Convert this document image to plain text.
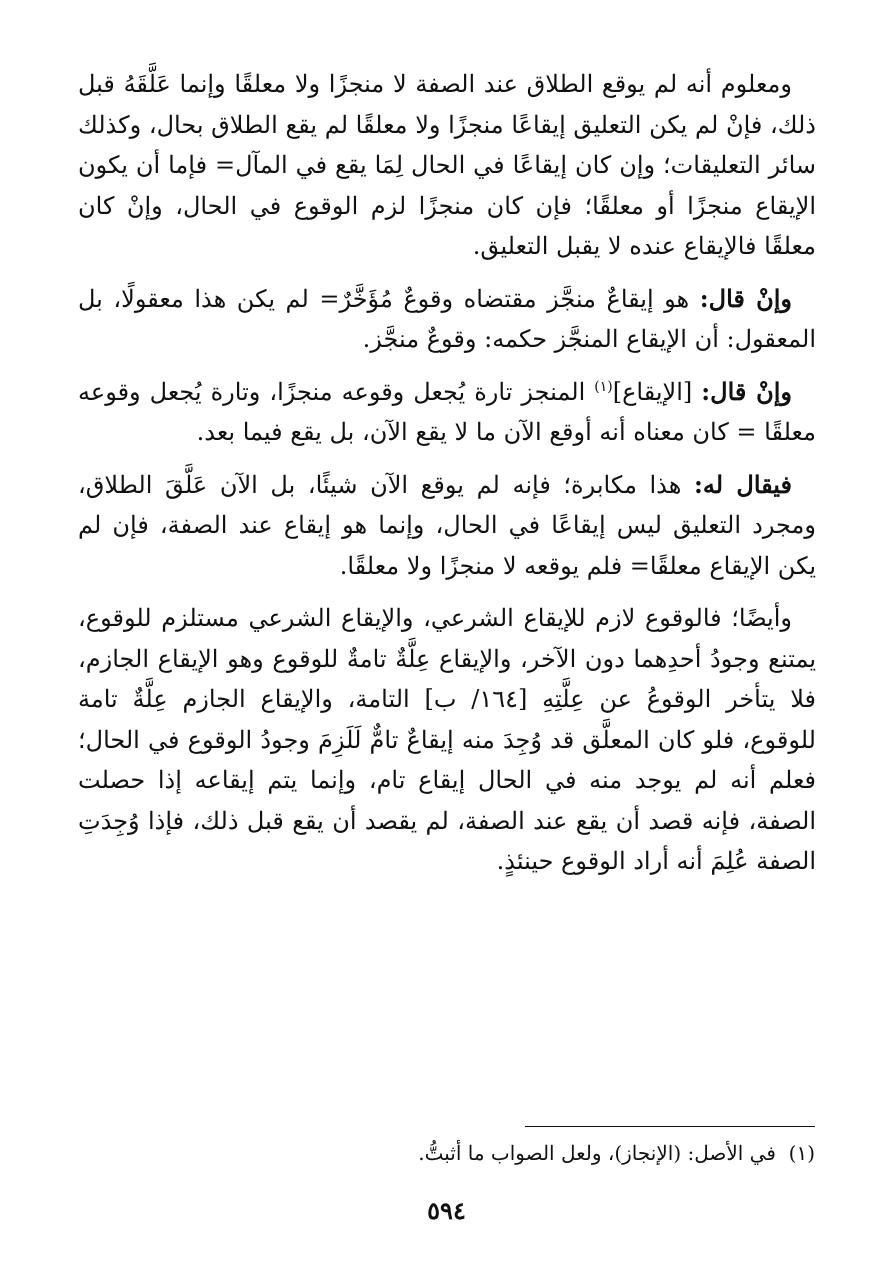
ومعلوم أنه لم يوقع الطلاق عند الصفة لا منجزًا ولا معلقًا وإنما عَلَّقَهُ قبل ذلك، فإنْ لم يكن التعليق إيقاعًا منجزًا ولا معلقًا لم يقع الطلاق بحال، وكذلك سائر التعليقات؛ وإن كان إيقاعًا في الحال لِمَا يقع في المآل= فإما أن يكون الإيقاع منجزًا أو معلقًا؛ فإن كان منجزًا لزم الوقوع في الحال، وإنْ كان معلقًا فالإيقاع عنده لا يقبل التعليق.

وإنْ قال: هو إيقاعٌ منجَّز مقتضاه وقوعٌ مُؤَخَّرٌ= لم يكن هذا معقولًا، بل المعقول: أن الإيقاع المنجَّز حكمه: وقوعٌ منجَّز.

وإنْ قال: [الإيقاع]$^{(١)}$ المنجز تارة يُجعل وقوعه منجزًا، وتارة يُجعل وقوعه معلقًا = كان معناه أنه أوقع الآن ما لا يقع الآن، بل يقع فيما بعد.

فيقال له: هذا مكابرة؛ فإنه لم يوقع الآن شيئًا، بل الآن عَلَّقَ الطلاق، ومجرد التعليق ليس إيقاعًا في الحال، وإنما هو إيقاع عند الصفة، فإن لم يكن الإيقاع معلقًا= فلم يوقعه لا منجزًا ولا معلقًا.

وأيضًا؛ فالوقوع لازم للإيقاع الشرعي، والإيقاع الشرعي مستلزم للوقوع، يمتنع وجودُ أحدِهما دون الآخر، والإيقاع عِلَّةٌ تامةٌ للوقوع وهو الإيقاع الجازم، فلا يتأخر الوقوعُ عن عِلَّتِهِ [١٦٤/ ب] التامة، والإيقاع الجازم عِلَّةٌ تامة للوقوع، فلو كان المعلَّق قد وُجِدَ منه إيقاعٌ تامٌّ لَلَزِمَ وجودُ الوقوع في الحال؛ فعلم أنه لم يوجد منه في الحال إيقاع تام، وإنما يتم إيقاعه إذا حصلت الصفة، فإنه قصد أن يقع عند الصفة، لم يقصد أن يقع قبل ذلك، فإذا وُجِدَتِ الصفة عُلِمَ أنه أراد الوقوع حينئذٍ.

(١)  في الأصل: (الإنجاز)، ولعل الصواب ما أثبتُّ.
٥٩٤
